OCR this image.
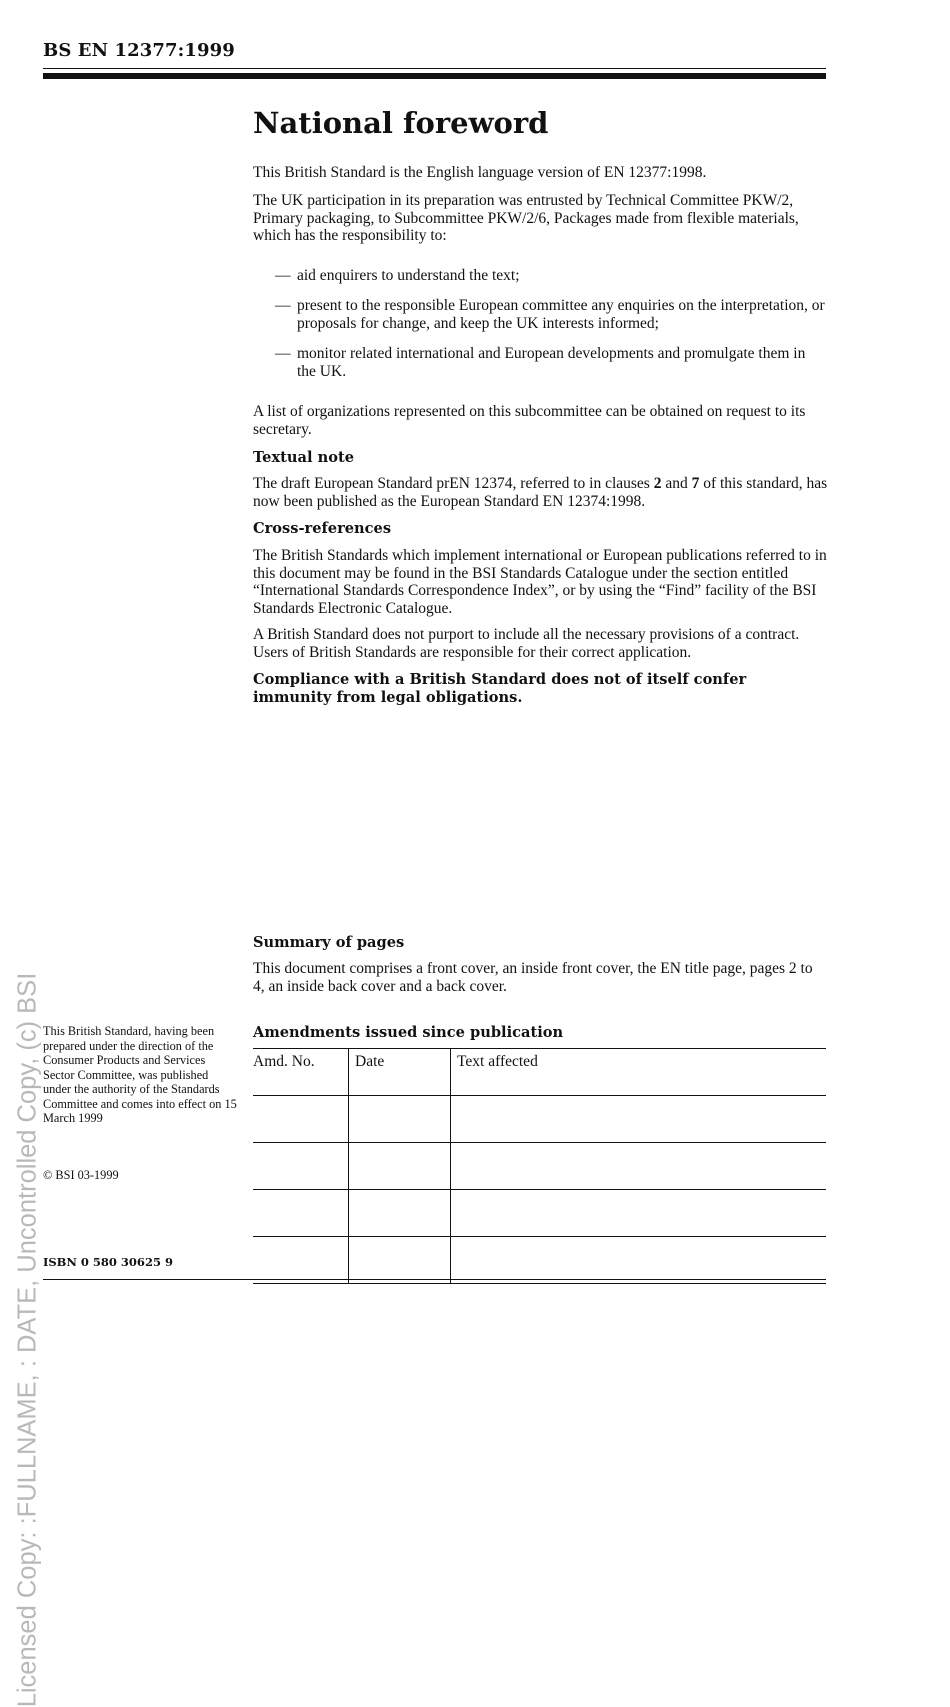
Licensed Copy: :FULLNAME, : DATE, Uncontrolled Copy, (c) BSI
BS EN 12377:1999
National foreword
This British Standard is the English language version of EN 12377:1998.
The UK participation in its preparation was entrusted by Technical Committee PKW/2, Primary packaging, to Subcommittee PKW/2/6, Packages made from flexible materials, which has the responsibility to:
— aid enquirers to understand the text;
— present to the responsible European committee any enquiries on the interpretation, or proposals for change, and keep the UK interests informed;
— monitor related international and European developments and promulgate them in the UK.
A list of organizations represented on this subcommittee can be obtained on request to its secretary.
Textual note
The draft European Standard prEN 12374, referred to in clauses 2 and 7 of this standard, has now been published as the European Standard EN 12374:1998.
Cross-references
The British Standards which implement international or European publications referred to in this document may be found in the BSI Standards Catalogue under the section entitled “International Standards Correspondence Index”, or by using the “Find” facility of the BSI Standards Electronic Catalogue.
A British Standard does not purport to include all the necessary provisions of a contract. Users of British Standards are responsible for their correct application.
Compliance with a British Standard does not of itself confer immunity from legal obligations.
Summary of pages
This document comprises a front cover, an inside front cover, the EN title page, pages 2 to 4, an inside back cover and a back cover.
Amendments issued since publication
Amd. No.	Date	Text affected

This British Standard, having been prepared under the direction of the Consumer Products and Services Sector Committee, was published under the authority of the Standards Committee and comes into effect on 15 March 1999
© BSI 03-1999
ISBN 0 580 30625 9
